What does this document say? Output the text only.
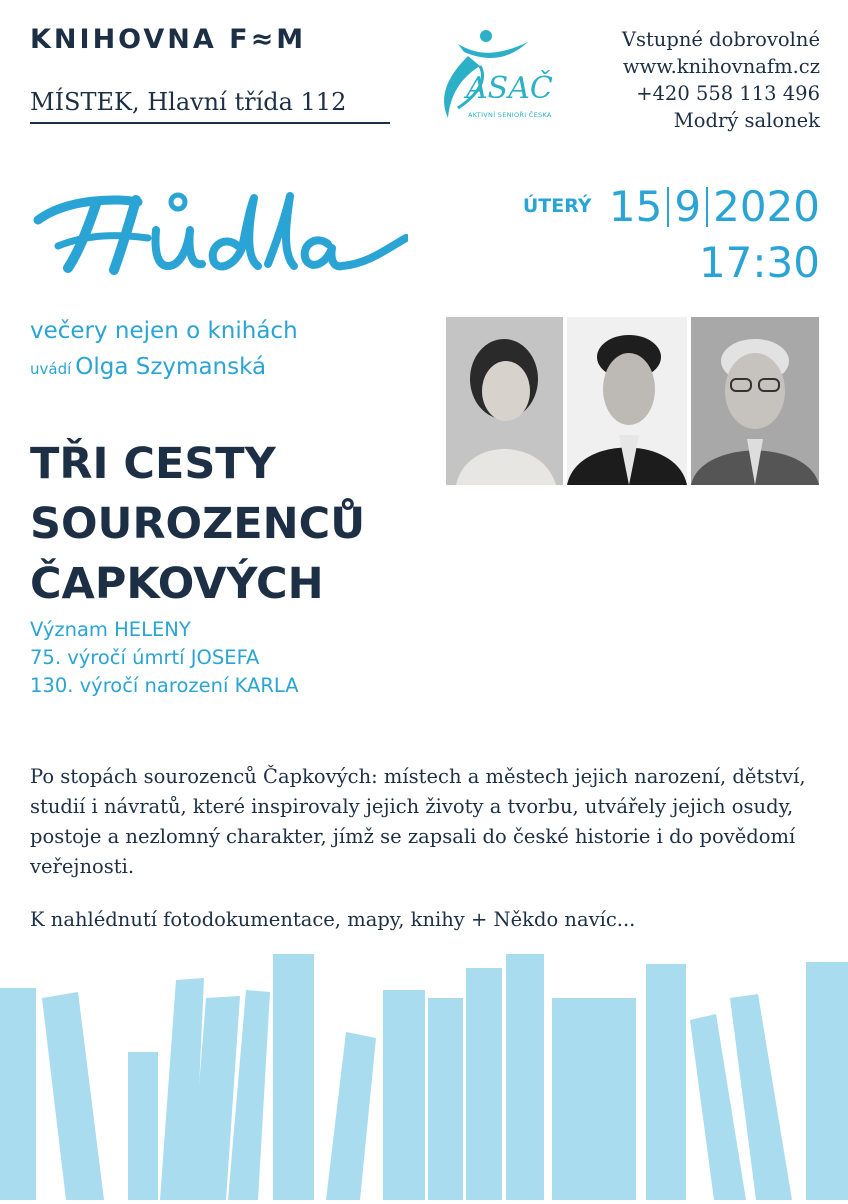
KNIHOVNA F≈M
MÍSTEK, Hlavní třída 112	ASAČ
AKTIVNÍ SENIOŘI ČESKA
Vstupné dobrovolné
www.knihovnafm.cz
+420 558 113 496
Modrý salonek
$^{ÚTERÝ}$ 15 9 2020
17:30
večery nejen o knihách
uvádí Olga Szymanská
TŘI CESTY
SOUROZENCŮ
ČAPKOVÝCH
Význam HELENY
75. výročí úmrtí JOSEFA
130. výročí narození KARLA
Po stopách sourozenců Čapkových: místech a městech jejich narození, dětství, studií i návratů, které inspirovaly jejich životy a tvorbu, utvářely jejich osudy, postoje a nezlomný charakter, jímž se zapsali do české historie i do povědomí veřejnosti.
K nahlédnutí fotodokumentace, mapy, knihy + Někdo navíc...
